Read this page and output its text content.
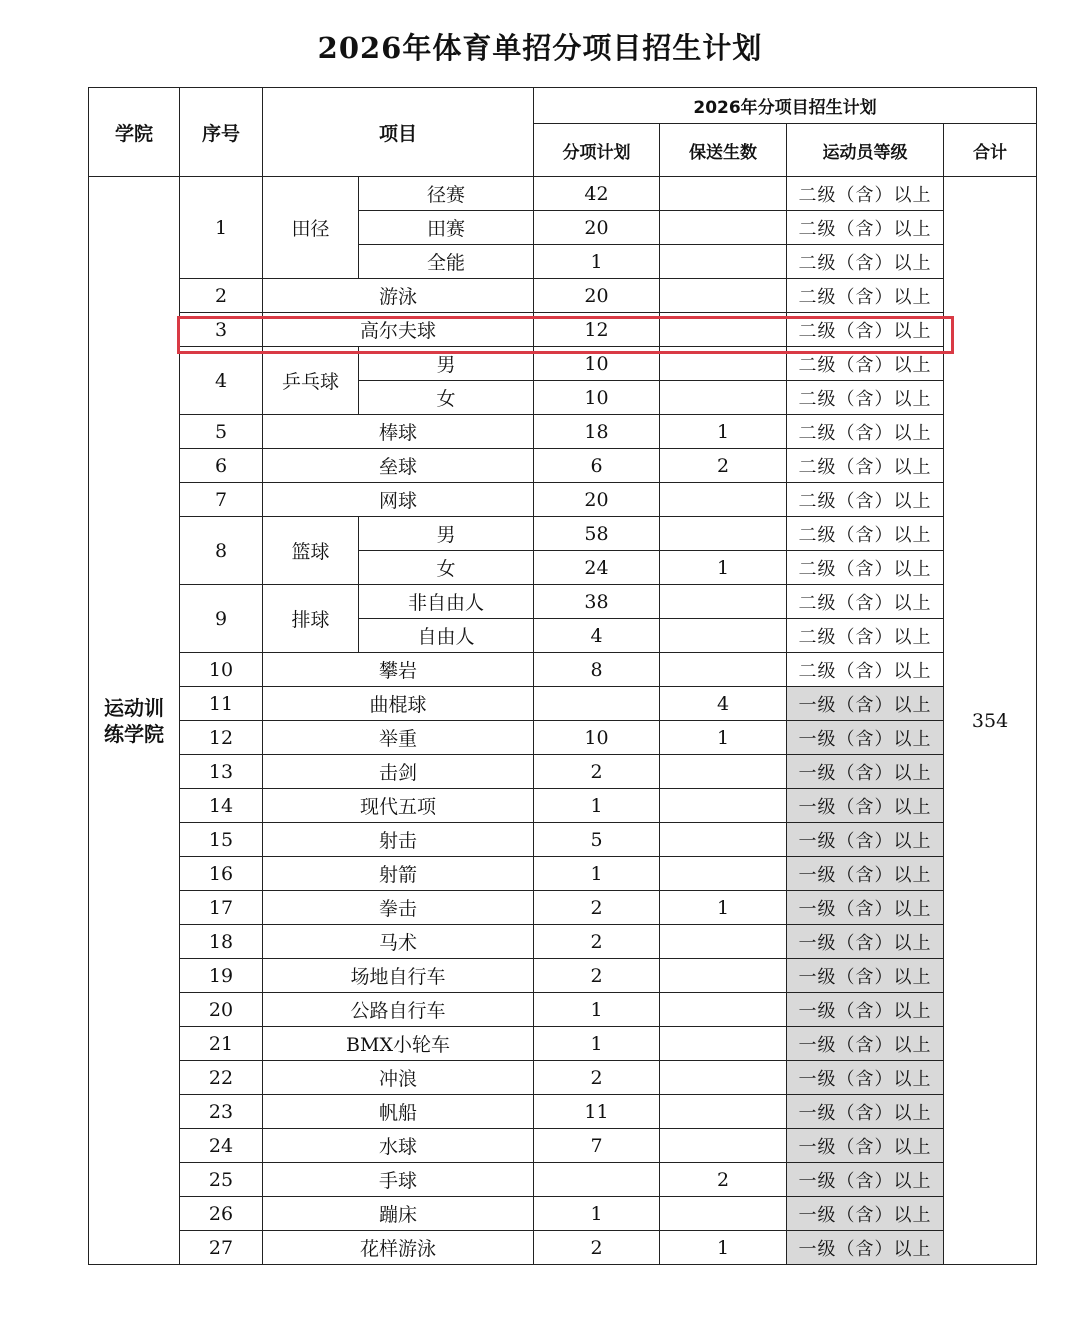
2026年体育单招分项目招生计划
学院	序号	项目		2026年分项目招生计划			
				分项计划	保送生数	运动员等级	合计
运动训练学院	1	田径	径赛	42		二级（含）以上	354
			田赛	20		二级（含）以上	
			全能	1		二级（含）以上	
	2	游泳		20		二级（含）以上	
	3	高尔夫球		12		二级（含）以上	
	4	乒乓球	男	10		二级（含）以上	
			女	10		二级（含）以上	
	5	棒球		18	1	二级（含）以上	
	6	垒球		6	2	二级（含）以上	
	7	网球		20		二级（含）以上	
	8	篮球	男	58		二级（含）以上	
			女	24	1	二级（含）以上	
	9	排球	非自由人	38		二级（含）以上	
			自由人	4		二级（含）以上	
	10	攀岩		8		二级（含）以上	
	11	曲棍球			4	一级（含）以上	
	12	举重		10	1	一级（含）以上	
	13	击剑		2		一级（含）以上	
	14	现代五项		1		一级（含）以上	
	15	射击		5		一级（含）以上	
	16	射箭		1		一级（含）以上	
	17	拳击		2	1	一级（含）以上	
	18	马术		2		一级（含）以上	
	19	场地自行车		2		一级（含）以上	
	20	公路自行车		1		一级（含）以上	
	21	BMX小轮车		1		一级（含）以上	
	22	冲浪		2		一级（含）以上	
	23	帆船		11		一级（含）以上	
	24	水球		7		一级（含）以上	
	25	手球			2	一级（含）以上	
	26	蹦床		1		一级（含）以上	
	27	花样游泳		2	1	一级（含）以上	
